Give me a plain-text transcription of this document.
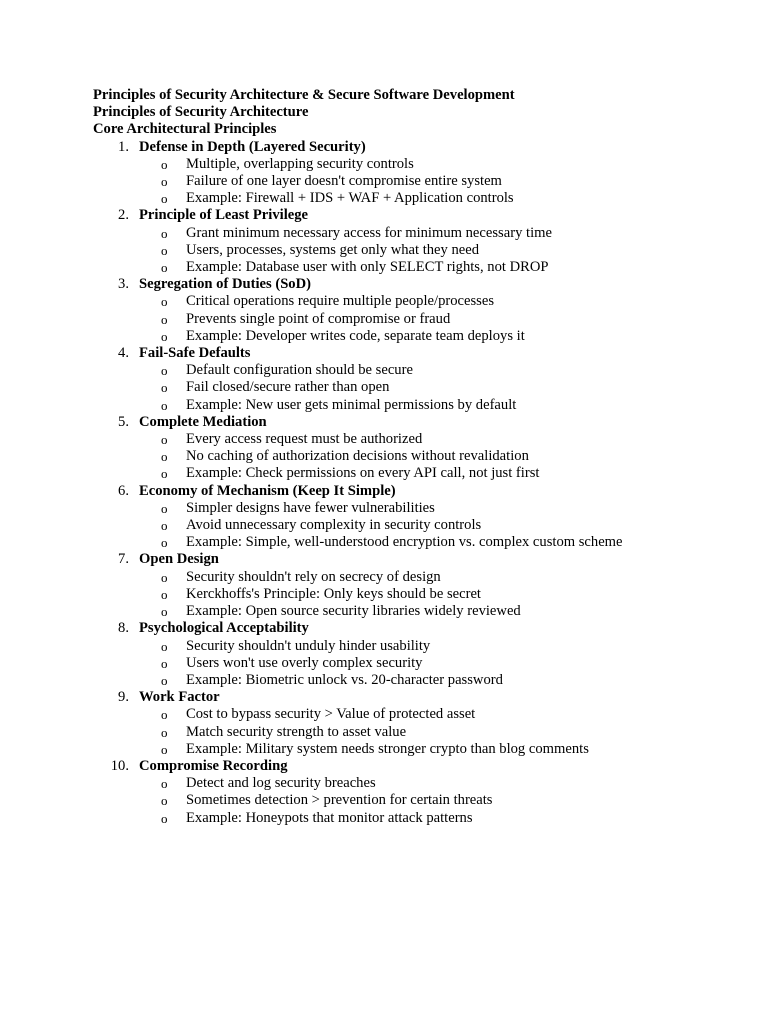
Principles of Security Architecture & Secure Software Development
Principles of Security Architecture
Core Architectural Principles
1. Defense in Depth (Layered Security)
o Multiple, overlapping security controls
o Failure of one layer doesn't compromise entire system
o Example: Firewall + IDS + WAF + Application controls
2. Principle of Least Privilege
o Grant minimum necessary access for minimum necessary time
o Users, processes, systems get only what they need
o Example: Database user with only SELECT rights, not DROP
3. Segregation of Duties (SoD)
o Critical operations require multiple people/processes
o Prevents single point of compromise or fraud
o Example: Developer writes code, separate team deploys it
4. Fail-Safe Defaults
o Default configuration should be secure
o Fail closed/secure rather than open
o Example: New user gets minimal permissions by default
5. Complete Mediation
o Every access request must be authorized
o No caching of authorization decisions without revalidation
o Example: Check permissions on every API call, not just first
6. Economy of Mechanism (Keep It Simple)
o Simpler designs have fewer vulnerabilities
o Avoid unnecessary complexity in security controls
o Example: Simple, well-understood encryption vs. complex custom scheme
7. Open Design
o Security shouldn't rely on secrecy of design
o Kerckhoffs's Principle: Only keys should be secret
o Example: Open source security libraries widely reviewed
8. Psychological Acceptability
o Security shouldn't unduly hinder usability
o Users won't use overly complex security
o Example: Biometric unlock vs. 20-character password
9. Work Factor
o Cost to bypass security > Value of protected asset
o Match security strength to asset value
o Example: Military system needs stronger crypto than blog comments
10. Compromise Recording
o Detect and log security breaches
o Sometimes detection > prevention for certain threats
o Example: Honeypots that monitor attack patterns
